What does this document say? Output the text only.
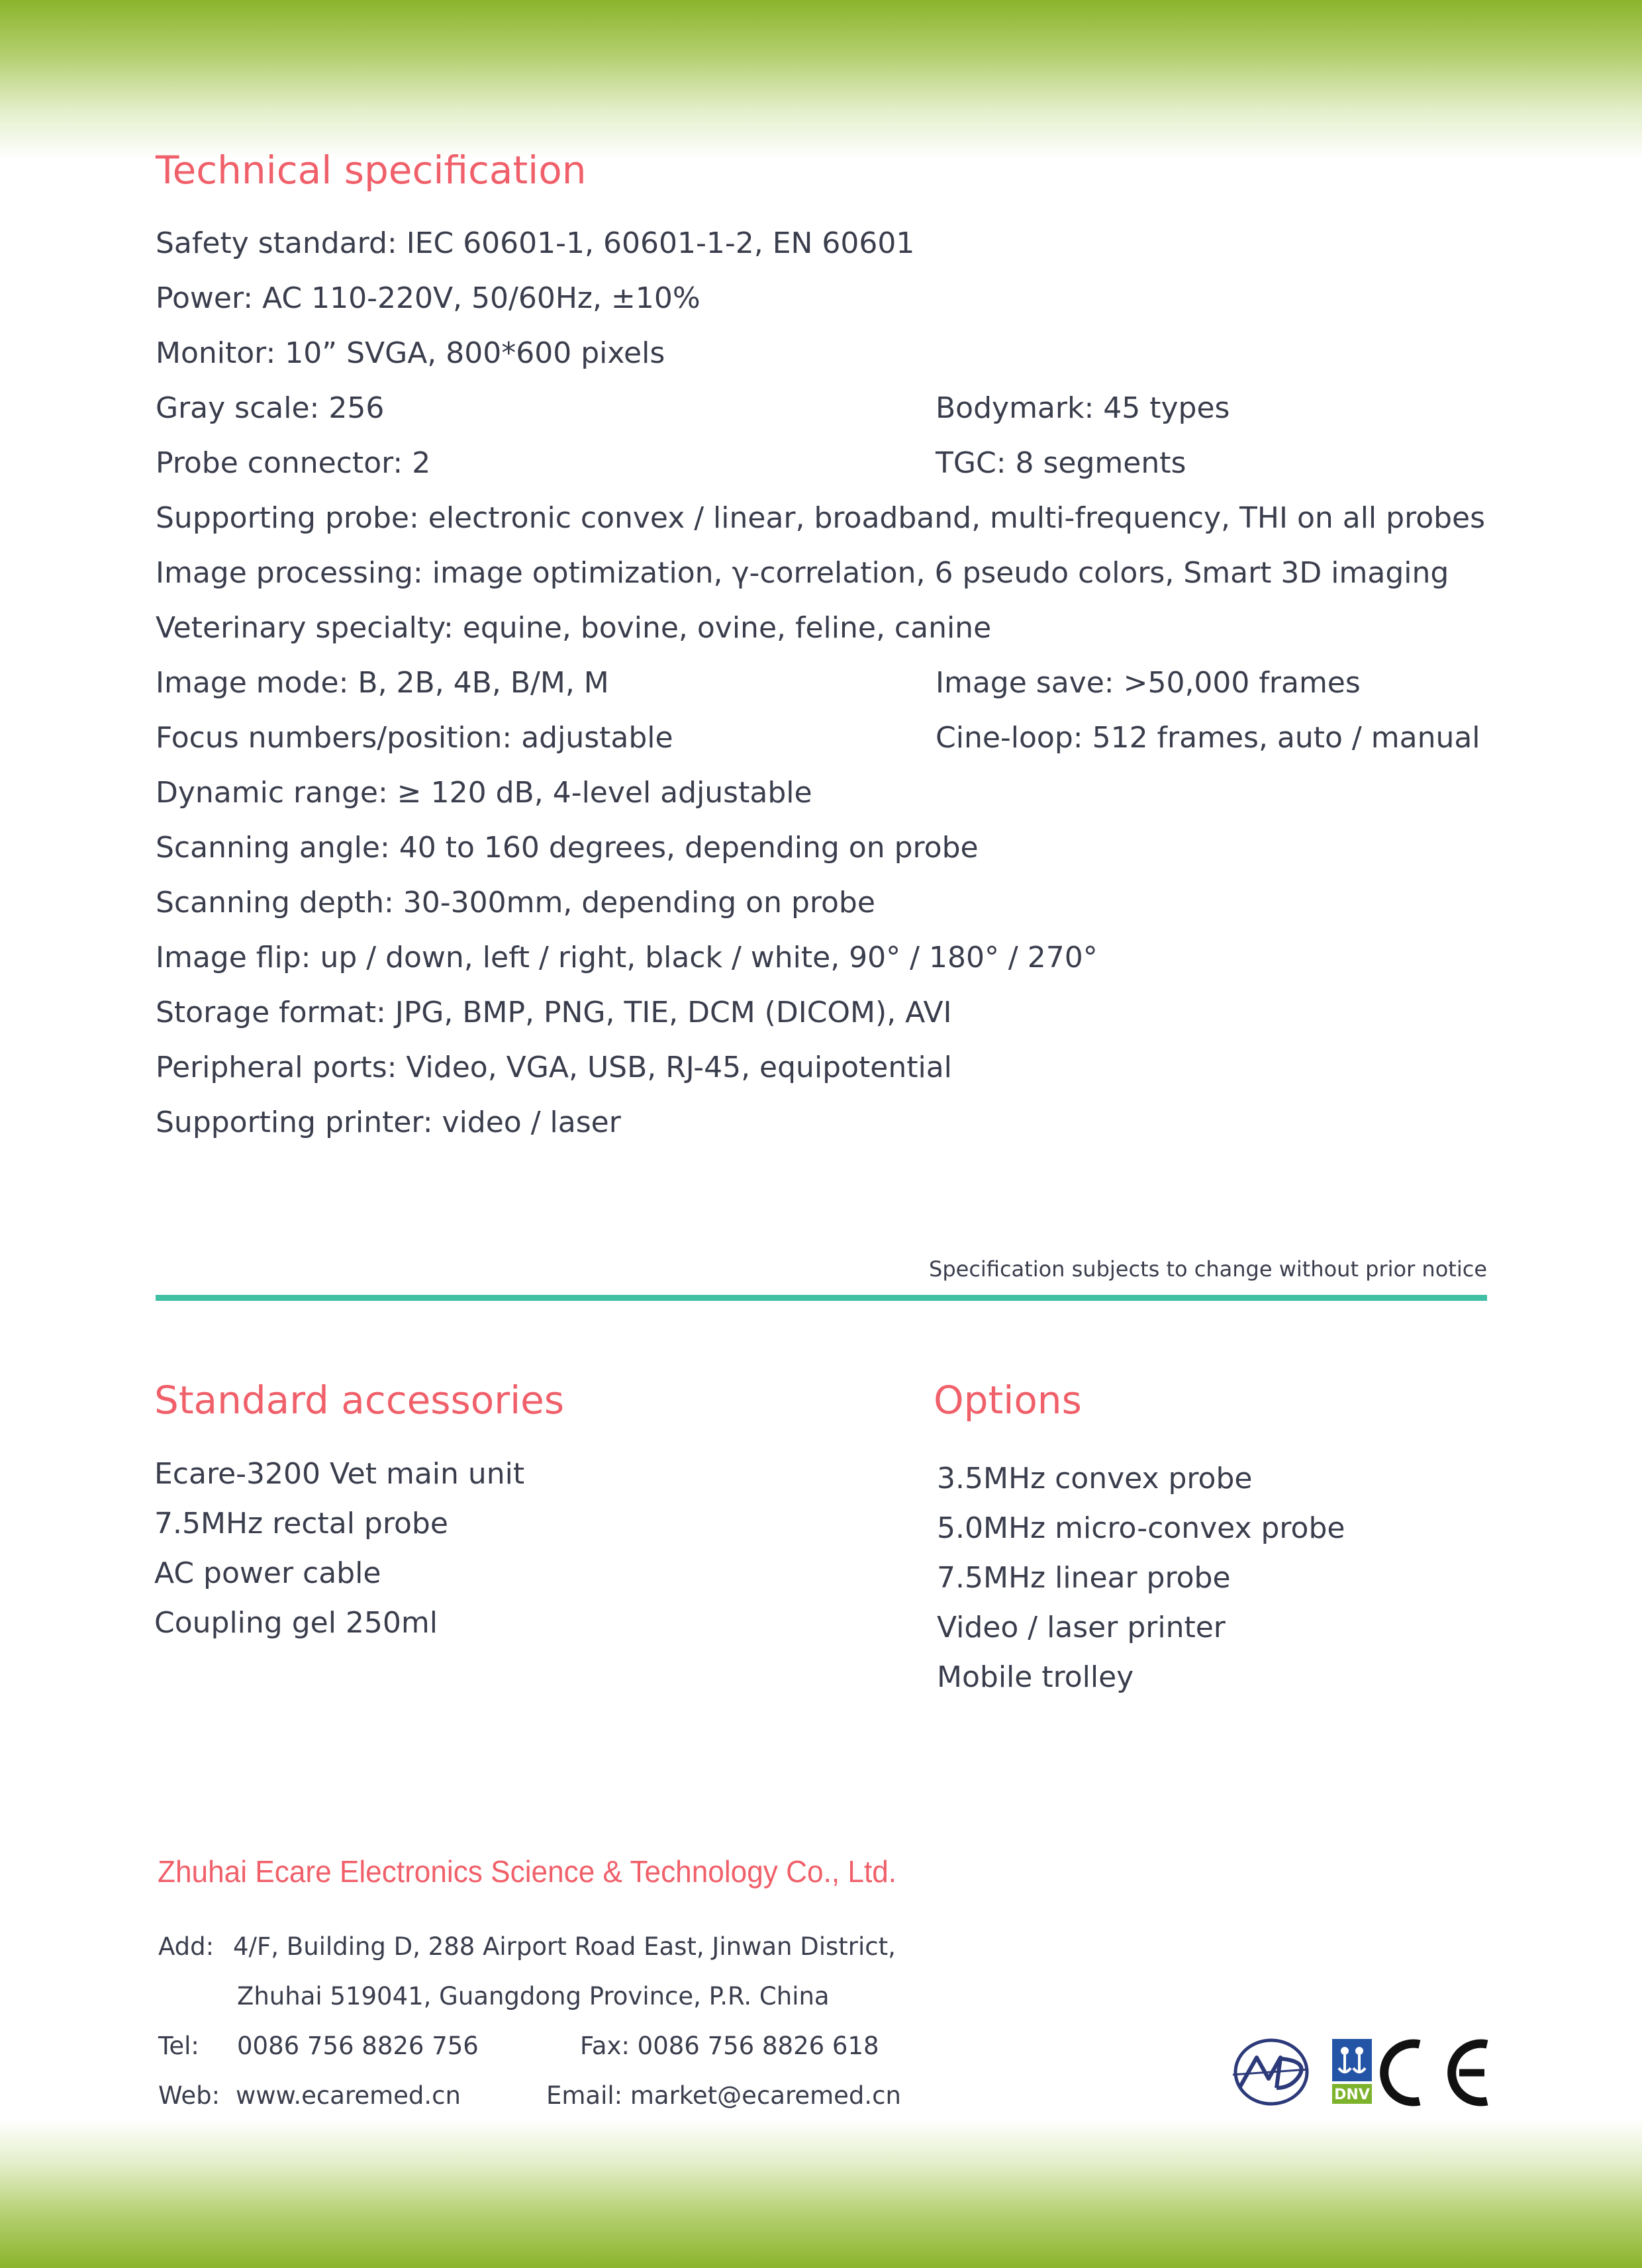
Technical specification
Safety standard: IEC 60601-1, 60601-1-2, EN 60601
Power: AC 110-220V, 50/60Hz, ±10%
Monitor: 10” SVGA, 800*600 pixels
Gray scale: 256	Bodymark: 45 types
Probe connector: 2	TGC: 8 segments
Supporting probe: electronic convex / linear, broadband, multi-frequency, THI on all probes
Image processing: image optimization, γ-correlation, 6 pseudo colors, Smart 3D imaging
Veterinary specialty: equine, bovine, ovine, feline, canine
Image mode: B, 2B, 4B, B/M, M	Image save: >50,000 frames
Focus numbers/position: adjustable	Cine-loop: 512 frames, auto / manual
Dynamic range: ≥ 120 dB, 4-level adjustable
Scanning angle: 40 to 160 degrees, depending on probe
Scanning depth: 30-300mm, depending on probe
Image flip: up / down, left / right, black / white, 90° / 180° / 270°
Storage format: JPG, BMP, PNG, TIE, DCM (DICOM), AVI
Peripheral ports: Video, VGA, USB, RJ-45, equipotential
Supporting printer: video / laser
Specification subjects to change without prior notice
Standard accessories
Ecare-3200 Vet main unit
7.5MHz rectal probe
AC power cable
Coupling gel 250ml
Options
3.5MHz convex probe
5.0MHz micro-convex probe
7.5MHz linear probe
Video / laser printer
Mobile trolley
Zhuhai Ecare Electronics Science & Technology Co., Ltd.
Add: 4/F, Building D, 288 Airport Road East, Jinwan District,
Zhuhai 519041, Guangdong Province, P.R. China
Tel: 0086 756 8826 756	Fax: 0086 756 8826 618
Web: www.ecaremed.cn	Email: market@ecaremed.cn	DNV
